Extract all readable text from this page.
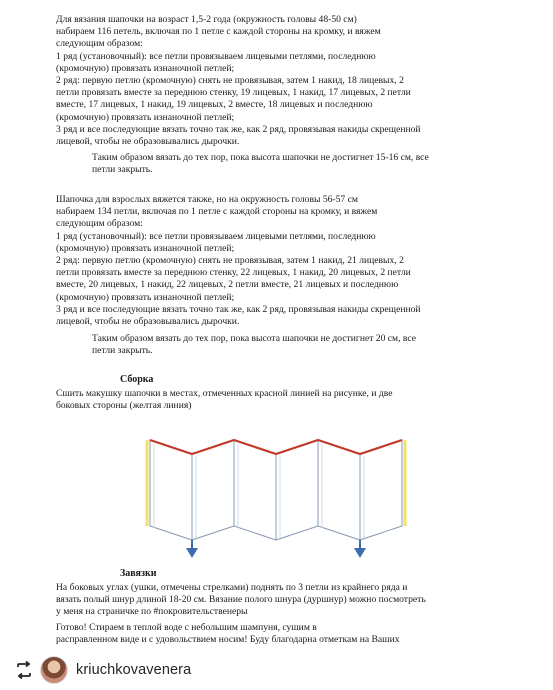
Для вязания шапочки на возраст 1,5-2 года (окружность головы 48-50 см)
набираем 116 петель, включая по 1 петле с каждой стороны на кромку, и вяжем
следующим образом:
1 ряд (установочный): все петли провязываем лицевыми петлями, последнюю
(кромочную) провязать изнаночной петлей;
2 ряд: первую петлю (кромочную) снять не провязывая, затем 1 накид, 18 лицевых, 2
петли провязать вместе за переднюю стенку, 19 лицевых, 1 накид, 17 лицевых, 2 петли
вместе, 17 лицевых, 1 накид, 19 лицевых, 2 вместе, 18 лицевых и последнюю
(кромочную) провязать изнаночной петлей;
3 ряд и все последующие вязать точно так же, как 2 ряд, провязывая накиды скрещенной
лицевой, чтобы не образовывались дырочки.

Таким образом вязать до тех пор, пока высота шапочки не достигнет 15-16 см, все
петли закрыть.

Шапочка для взрослых вяжется также, но на окружность головы 56-57 см
набираем 134 петли, включая по 1 петле с каждой стороны на кромку, и вяжем
следующим образом:
1 ряд (установочный): все петли провязываем лицевыми петлями, последнюю
(кромочную) провязать изнаночной петлей;
2 ряд: первую петлю (кромочную) снять не провязывая, затем 1 накид, 21 лицевых, 2
петли провязать вместе за переднюю стенку, 22 лицевых, 1 накид, 20 лицевых, 2 петли
вместе, 20 лицевых, 1 накид, 22 лицевых, 2 петли вместе, 21 лицевых и последнюю
(кромочную) провязать изнаночной петлей;
3 ряд и все последующие вязать точно так же, как 2 ряд, провязывая накиды скрещенной
лицевой, чтобы не образовывались дырочки.

Таким образом вязать до тех пор, пока высота шапочки не достигнет 20 см, все
петли закрыть.

Сборка

Сшить макушку шапочки в местах, отмеченных красной линией на рисунке, и две
боковых стороны (желтая линия)

Завязки

На боковых углах (ушки, отмечены стрелками) поднять по 3 петли из крайнего ряда и
вязать полый шнур длиной 18-20 см. Вязание полого шнура (дуршнур) можно посмотреть
у меня на страничке по #покровительственеры

Готово! Стираем в теплой воде с небольшим шампуня, сушим в
расправленном виде и с удовольствием носим! Буду благодарна отметкам на Ваших

kriuchkovavenera
